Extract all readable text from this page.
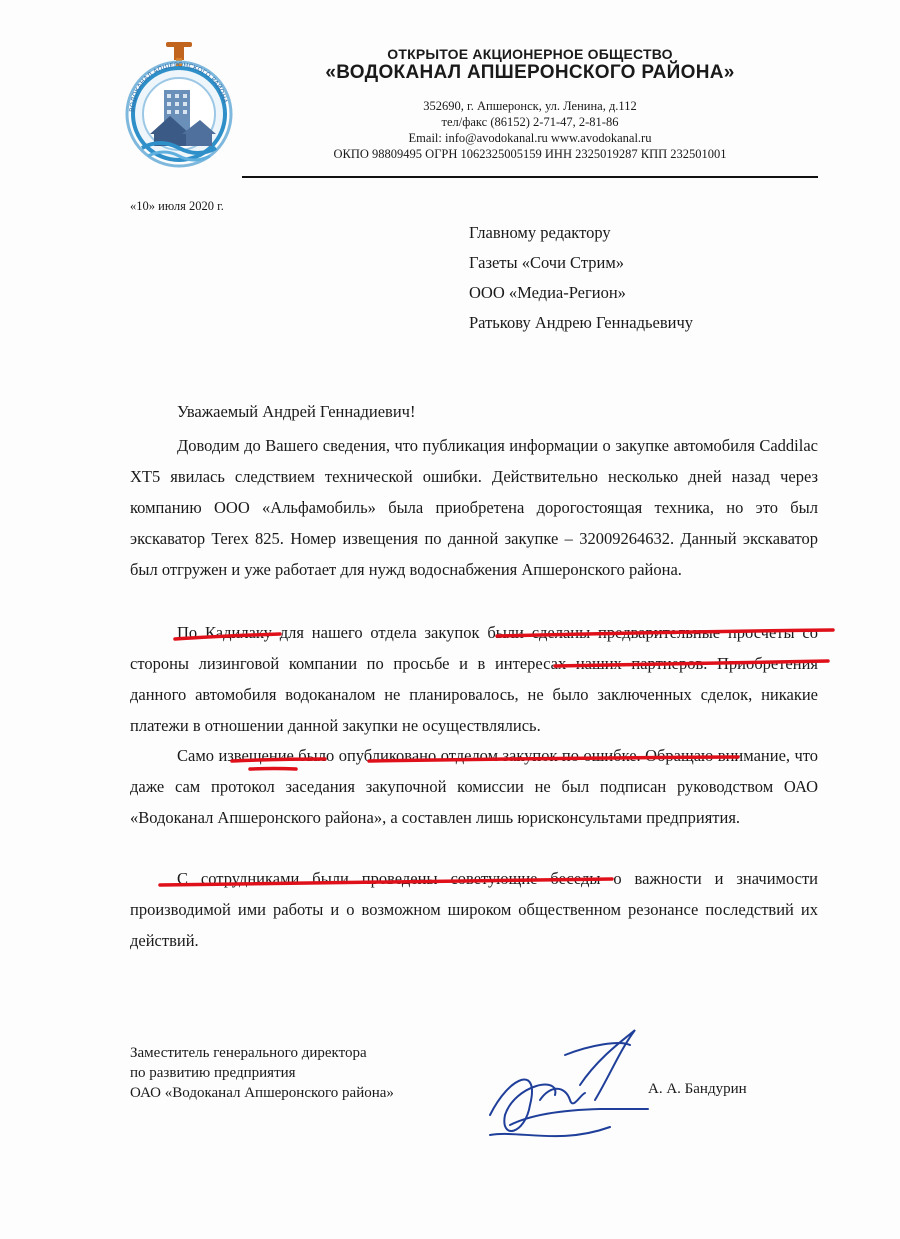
ВОДОКАНАЛ АПШЕРОНСКОГО РАЙОНА
ОТКРЫТОЕ АКЦИОНЕРНОЕ ОБЩЕСТВО
«ВОДОКАНАЛ АПШЕРОНСКОГО РАЙОНА»
352690, г. Апшеронск, ул. Ленина, д.112
тел/факс (86152) 2-71-47, 2-81-86
Email: info@avodokanal.ru www.avodokanal.ru
ОКПО 98809495 ОГРН 1062325005159 ИНН 2325019287 КПП 232501001
«10» июля 2020 г.
Главному редактору
Газеты «Сочи Стрим»
ООО «Медиа-Регион»
Ратькову Андрею Геннадьевичу
Уважаемый Андрей Геннадиевич!

Доводим до Вашего сведения, что публикация информации о закупке автомобиля Caddilac XT5 явилась следствием технической ошибки. Действительно несколько дней назад через компанию ООО «Альфамобиль» была приобретена дорогостоящая техника, но это был экскаватор Terex 825. Номер извещения по данной закупке – 32009264632. Данный экскаватор был отгружен и уже работает для нужд водоснабжения Апшеронского района.

По Кадилаку для нашего отдела закупок были сделаны предварительные просчеты со стороны лизинговой компании по просьбе и в интересах наших партнеров. Приобретения данного автомобиля водоканалом не планировалось, не было заключенных сделок, никакие платежи в отношении данной закупки не осуществлялись.

Само извещение было опубликовано отделом закупок по ошибке. Обращаю внимание, что даже сам протокол заседания закупочной комиссии не был подписан руководством ОАО «Водоканал Апшеронского района», а составлен лишь юрисконсультами предприятия.

С сотрудниками были проведены советующие беседы о важности и значимости производимой ими работы и о возможном широком общественном резонансе последствий их действий.

Заместитель генерального директора
по развитию предприятия
ОАО «Водоканал Апшеронского района»	А. А. Бандурин
